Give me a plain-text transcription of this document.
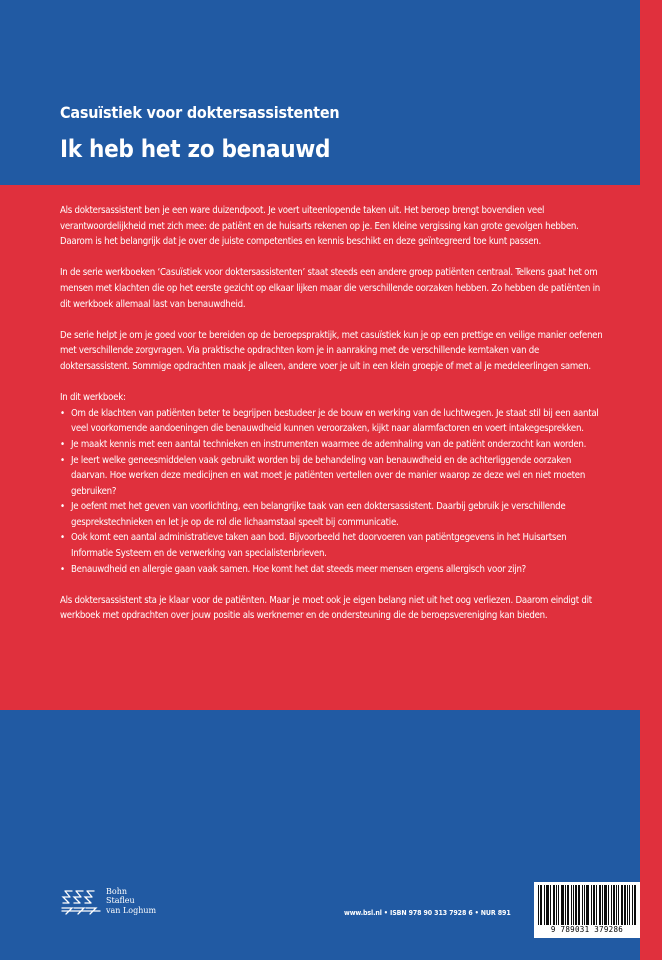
Casuïstiek voor doktersassistenten
Ik heb het zo benauwd

Als doktersassistent ben je een ware duizendpoot. Je voert uiteenlopende taken uit. Het beroep brengt bovendien veel verantwoordelijkheid met zich mee: de patiënt en de huisarts rekenen op je. Een kleine vergissing kan grote gevolgen hebben. Daarom is het belangrijk dat je over de juiste competenties en kennis beschikt en deze geïntegreerd toe kunt passen.

In de serie werkboeken ‘Casuïstiek voor doktersassistenten’ staat steeds een andere groep patiënten centraal. Telkens gaat het om mensen met klachten die op het eerste gezicht op elkaar lijken maar die verschillende oorzaken hebben. Zo hebben de patiënten in dit werkboek allemaal last van benauwdheid.

De serie helpt je om je goed voor te bereiden op de beroepspraktijk, met casuïstiek kun je op een prettige en veilige manier oefenen met verschillende zorgvragen. Via praktische opdrachten kom je in aanraking met de verschillende kerntaken van de doktersassistent. Sommige opdrachten maak je alleen, andere voer je uit in een klein groepje of met al je medeleerlingen samen.

In dit werkboek:
• Om de klachten van patiënten beter te begrijpen bestudeer je de bouw en werking van de luchtwegen. Je staat stil bij een aantal veel voorkomende aandoeningen die benauwdheid kunnen veroorzaken, kijkt naar alarmfactoren en voert intakegesprekken.
• Je maakt kennis met een aantal technieken en instrumenten waarmee de ademhaling van de patiënt onderzocht kan worden.
• Je leert welke geneesmiddelen vaak gebruikt worden bij de behandeling van benauwdheid en de achterliggende oorzaken daarvan. Hoe werken deze medicijnen en wat moet je patiënten vertellen over de manier waarop ze deze wel en niet moeten gebruiken?
• Je oefent met het geven van voorlichting, een belangrijke taak van een doktersassistent. Daarbij gebruik je verschillende gesprekstechnieken en let je op de rol die lichaamstaal speelt bij communicatie.
• Ook komt een aantal administratieve taken aan bod. Bijvoorbeeld het doorvoeren van patiëntgegevens in het Huisartsen Informatie Systeem en de verwerking van specialistenbrieven.
• Benauwdheid en allergie gaan vaak samen. Hoe komt het dat steeds meer mensen ergens allergisch voor zijn?

Als doktersassistent sta je klaar voor de patiënten. Maar je moet ook je eigen belang niet uit het oog verliezen. Daarom eindigt dit werkboek met opdrachten over jouw positie als werknemer en de ondersteuning die de beroepsvereniging kan bieden.

Bohn
Stafleu
van Loghum	www.bsl.nl • ISBN 978 90 313 7928 6 • NUR 891
9 789031 379286
